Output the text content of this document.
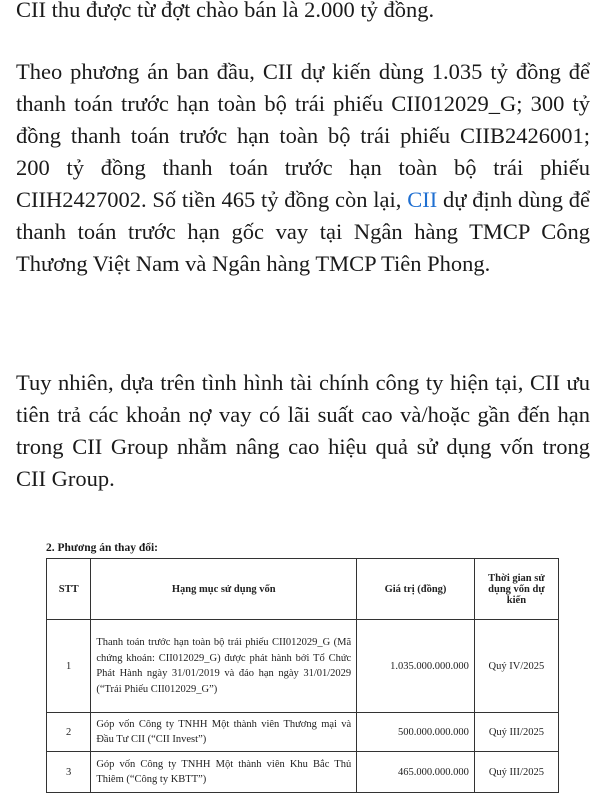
CII thu được từ đợt chào bán là 2.000 tỷ đồng.

Theo phương án ban đầu, CII dự kiến dùng 1.035 tỷ đồng để thanh toán trước hạn toàn bộ trái phiếu CII012029_G; 300 tỷ đồng thanh toán trước hạn toàn bộ trái phiếu CIIB2426001; 200 tỷ đồng thanh toán trước hạn toàn bộ trái phiếu CIIH2427002. Số tiền 465 tỷ đồng còn lại, CII dự định dùng để thanh toán trước hạn gốc vay tại Ngân hàng TMCP Công Thương Việt Nam và Ngân hàng TMCP Tiên Phong.

Tuy nhiên, dựa trên tình hình tài chính công ty hiện tại, CII ưu tiên trả các khoản nợ vay có lãi suất cao và/hoặc gần đến hạn trong CII Group nhằm nâng cao hiệu quả sử dụng vốn trong CII Group.

2. Phương án thay đổi:
STT	Hạng mục sử dụng vốn	Giá trị (đồng)	Thời gian sử dụng vốn dự kiến
1	Thanh toán trước hạn toàn bộ trái phiếu CII012029_G (Mã chứng khoán: CII012029_G) được phát hành bởi Tổ Chức Phát Hành ngày 31/01/2019 và đáo hạn ngày 31/01/2029 (“Trái Phiếu CII012029_G”)	1.035.000.000.000	Quý IV/2025
2	Góp vốn Công ty TNHH Một thành viên Thương mại và Đầu Tư CII (“CII Invest”)	500.000.000.000	Quý III/2025
3	Góp vốn Công ty TNHH Một thành viên Khu Bắc Thủ Thiêm (“Công ty KBTT”)	465.000.000.000	Quý III/2025
